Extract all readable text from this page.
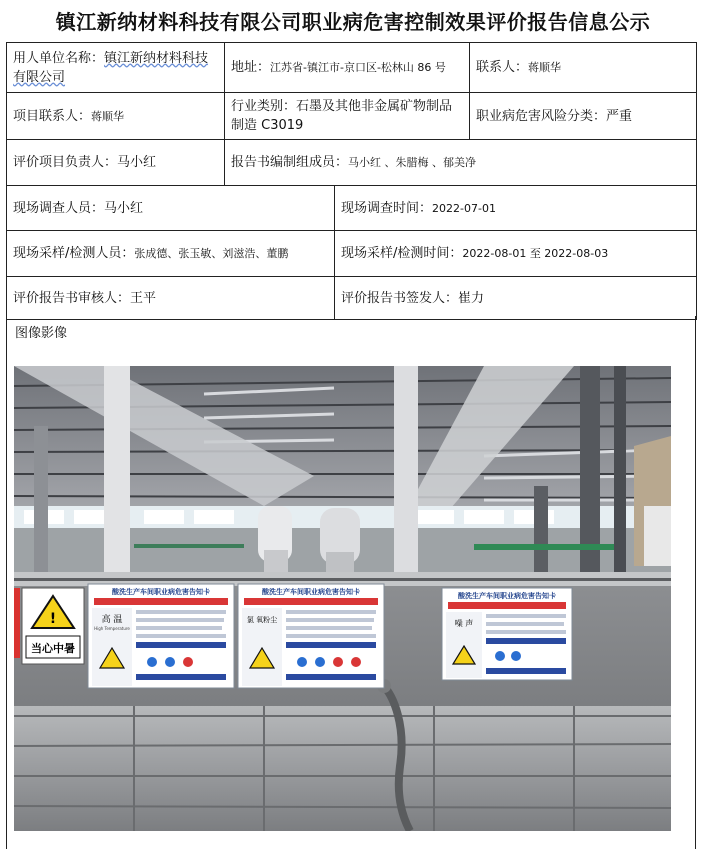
镇江新纳材料科技有限公司职业病危害控制效果评价报告信息公示
用人单位名称：镇江新纳材料科技有限公司	地址：江苏省-镇江市-京口区-松林山 86 号		联系人：蒋顺华
项目联系人：蒋顺华	行业类别：石墨及其他非金属矿物制品制造 C3019		职业病危害风险分类：严重
评价项目负责人：马小红	报告书编制组成员：马小红 、朱腊梅 、郁美净		
现场调查人员：马小红		现场调查时间：2022-07-01	
现场采样/检测人员：张成德、张玉敏、刘滋浩、董鹏		现场采样/检测时间：2022-08-01 至 2022-08-03	
评价报告书审核人：王平		评价报告书签发人：崔力	
图像影像
!
当心中暑
酸洗生产车间职业病危害告知卡
高 温
High Temperature
酸洗生产车间职业病危害告知卡
氯 氧粉尘
酸洗生产车间职业病危害告知卡
噪 声
